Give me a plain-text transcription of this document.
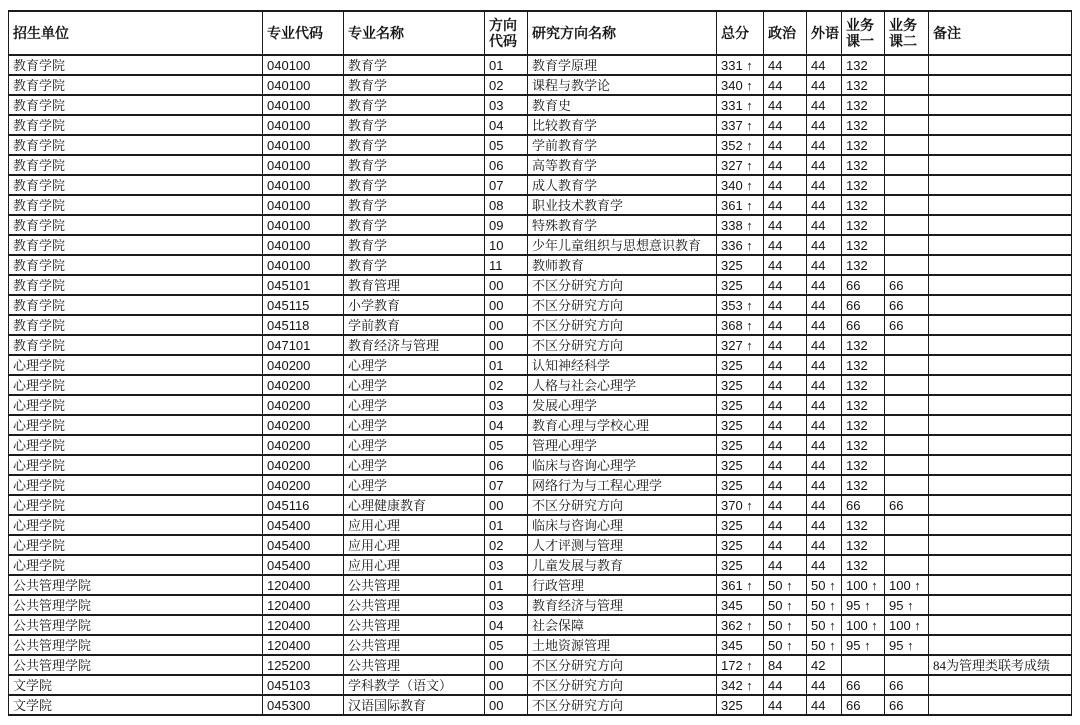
招生单位	专业代码	专业名称	方向代码	研究方向名称	总分	政治	外语	业务课一	业务课二	备注
教育学院	040100	教育学	01	教育学原理	331 ↑	44	44	132		
教育学院	040100	教育学	02	课程与教学论	340 ↑	44	44	132		
教育学院	040100	教育学	03	教育史	331 ↑	44	44	132		
教育学院	040100	教育学	04	比较教育学	337 ↑	44	44	132		
教育学院	040100	教育学	05	学前教育学	352 ↑	44	44	132		
教育学院	040100	教育学	06	高等教育学	327 ↑	44	44	132		
教育学院	040100	教育学	07	成人教育学	340 ↑	44	44	132		
教育学院	040100	教育学	08	职业技术教育学	361 ↑	44	44	132		
教育学院	040100	教育学	09	特殊教育学	338 ↑	44	44	132		
教育学院	040100	教育学	10	少年儿童组织与思想意识教育	336 ↑	44	44	132		
教育学院	040100	教育学	11	教师教育	325	44	44	132		
教育学院	045101	教育管理	00	不区分研究方向	325	44	44	66	66	
教育学院	045115	小学教育	00	不区分研究方向	353 ↑	44	44	66	66	
教育学院	045118	学前教育	00	不区分研究方向	368 ↑	44	44	66	66	
教育学院	047101	教育经济与管理	00	不区分研究方向	327 ↑	44	44	132		
心理学院	040200	心理学	01	认知神经科学	325	44	44	132		
心理学院	040200	心理学	02	人格与社会心理学	325	44	44	132		
心理学院	040200	心理学	03	发展心理学	325	44	44	132		
心理学院	040200	心理学	04	教育心理与学校心理	325	44	44	132		
心理学院	040200	心理学	05	管理心理学	325	44	44	132		
心理学院	040200	心理学	06	临床与咨询心理学	325	44	44	132		
心理学院	040200	心理学	07	网络行为与工程心理学	325	44	44	132		
心理学院	045116	心理健康教育	00	不区分研究方向	370 ↑	44	44	66	66	
心理学院	045400	应用心理	01	临床与咨询心理	325	44	44	132		
心理学院	045400	应用心理	02	人才评测与管理	325	44	44	132		
心理学院	045400	应用心理	03	儿童发展与教育	325	44	44	132		
公共管理学院	120400	公共管理	01	行政管理	361 ↑	50 ↑	50 ↑	100 ↑	100 ↑	
公共管理学院	120400	公共管理	03	教育经济与管理	345	50 ↑	50 ↑	95 ↑	95 ↑	
公共管理学院	120400	公共管理	04	社会保障	362 ↑	50 ↑	50 ↑	100 ↑	100 ↑	
公共管理学院	120400	公共管理	05	土地资源管理	345	50 ↑	50 ↑	95 ↑	95 ↑	
公共管理学院	125200	公共管理	00	不区分研究方向	172 ↑	84	42			84为管理类联考成绩
文学院	045103	学科教学（语文）	00	不区分研究方向	342 ↑	44	44	66	66	
文学院	045300	汉语国际教育	00	不区分研究方向	325	44	44	66	66	
